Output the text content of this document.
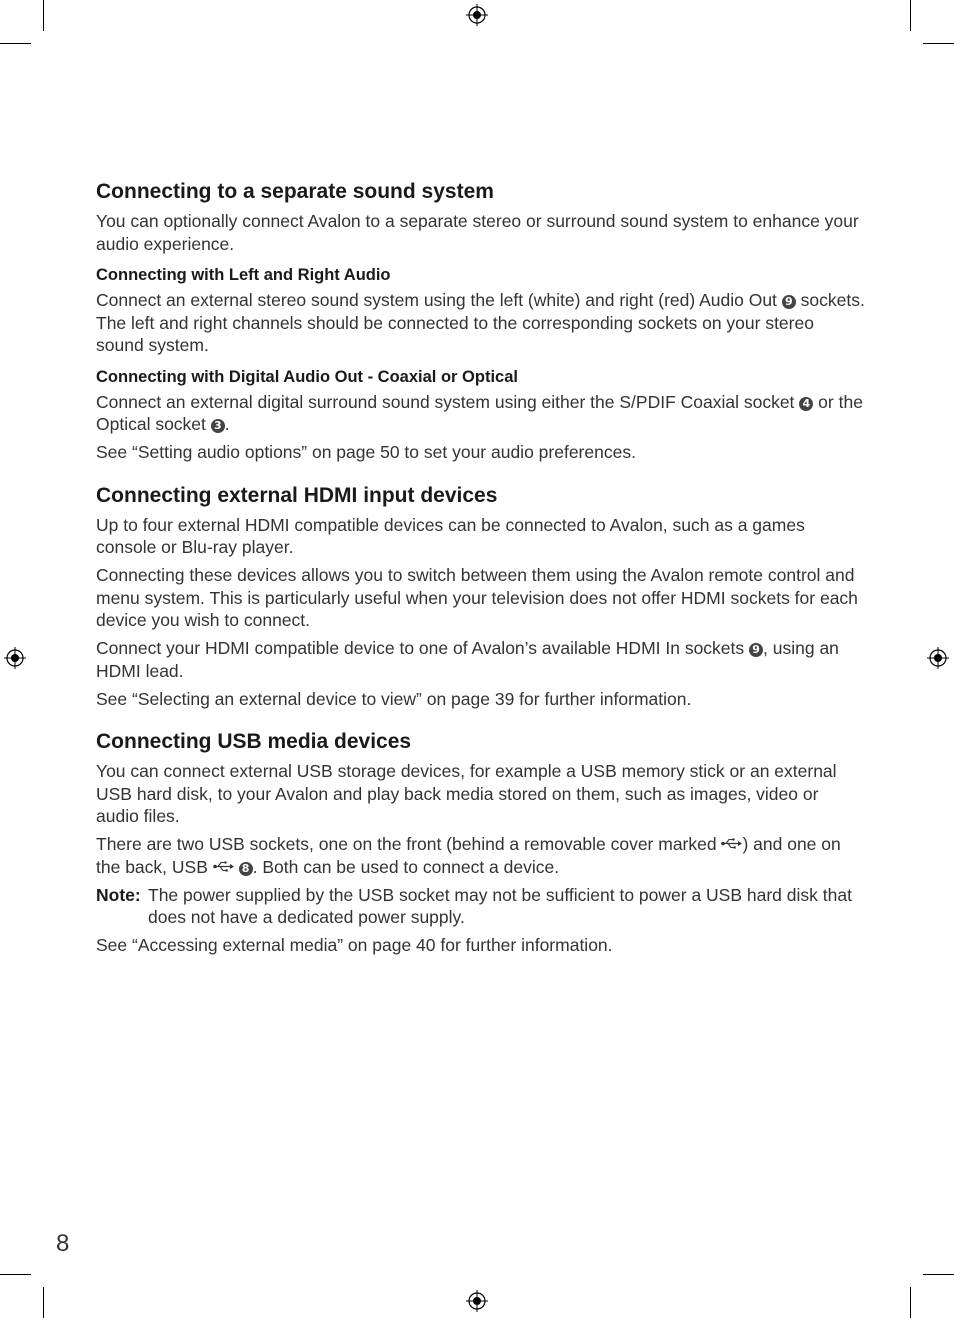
Connecting to a separate sound system

You can optionally connect Avalon to a separate stereo or surround sound system to enhance your audio experience.

Connecting with Left and Right Audio

Connect an external stereo sound system using the left (white) and right (red) Audio Out 9 sockets. The left and right channels should be connected to the corresponding sockets on your stereo sound system.

Connecting with Digital Audio Out - Coaxial or Optical

Connect an external digital surround sound system using either the S/PDIF Coaxial socket 4 or the Optical socket 3 .

See “Setting audio options” on page 50 to set your audio preferences.

Connecting external HDMI input devices

Up to four external HDMI compatible devices can be connected to Avalon, such as a games console or Blu-ray player.

Connecting these devices allows you to switch between them using the Avalon remote control and menu system. This is particularly useful when your television does not offer HDMI sockets for each device you wish to connect.

Connect your HDMI compatible device to one of Avalon’s available HDMI In sockets 9 , using an HDMI lead.

See “Selecting an external device to view” on page 39 for further information.

Connecting USB media devices

You can connect external USB storage devices, for example a USB memory stick or an external USB hard disk, to your Avalon and play back media stored on them, such as images, video or audio files.

There are two USB sockets, one on the front (behind a removable cover marked ) and one on the back, USB	8 . Both can be used to connect a device.

Note: The power supplied by the USB socket may not be sufficient to power a USB hard disk that does not have a dedicated power supply.

See “Accessing external media” on page 40 for further information.

8
